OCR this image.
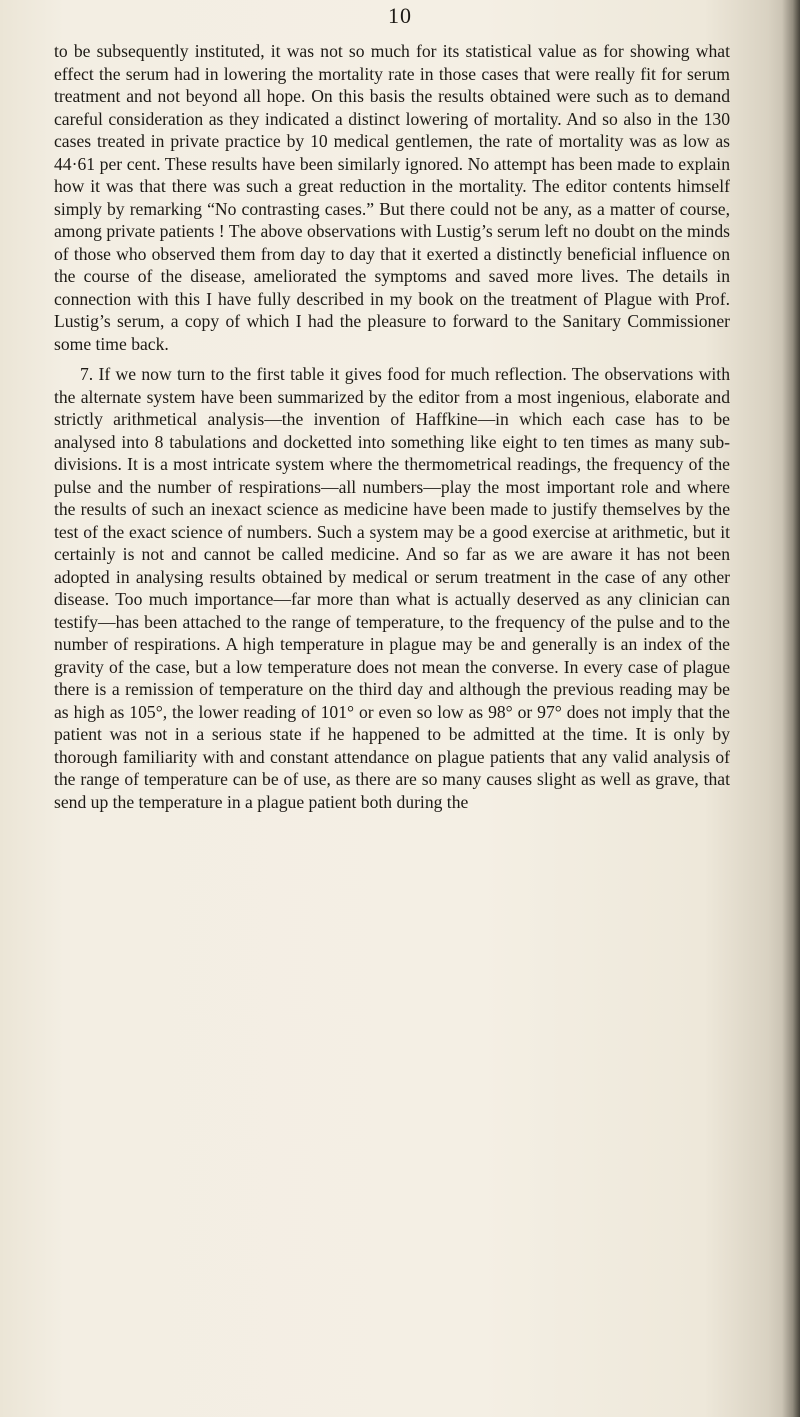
10

to be subsequently instituted, it was not so much for its statistical value as for showing what effect the serum had in lowering the mortality rate in those cases that were really fit for serum treatment and not beyond all hope. On this basis the results obtained were such as to demand careful consideration as they indicated a distinct lowering of mortality. And so also in the 130 cases treated in private practice by 10 medical gentlemen, the rate of mortality was as low as 44·61 per cent. These results have been similarly ignored. No attempt has been made to explain how it was that there was such a great reduction in the mortality. The editor contents himself simply by remarking “No contrasting cases.” But there could not be any, as a matter of course, among private patients ! The above observations with Lustig’s serum left no doubt on the minds of those who observed them from day to day that it exerted a distinctly beneficial influence on the course of the disease, ameliorated the symptoms and saved more lives. The details in connection with this I have fully described in my book on the treatment of Plague with Prof. Lustig’s serum, a copy of which I had the pleasure to forward to the Sanitary Commissioner some time back.

7. If we now turn to the first table it gives food for much reflection. The observations with the alternate system have been summarized by the editor from a most ingenious, elaborate and strictly arithmetical analysis—the invention of Haffkine—in which each case has to be analysed into 8 tabulations and docketted into something like eight to ten times as many sub-divisions. It is a most intricate system where the thermometrical readings, the frequency of the pulse and the number of respirations—all numbers—play the most important role and where the results of such an inexact science as medicine have been made to justify themselves by the test of the exact science of numbers. Such a system may be a good exercise at arithmetic, but it certainly is not and cannot be called medicine. And so far as we are aware it has not been adopted in analysing results obtained by medical or serum treatment in the case of any other disease. Too much importance—far more than what is actually deserved as any clinician can testify—has been attached to the range of temperature, to the frequency of the pulse and to the number of respirations. A high temperature in plague may be and generally is an index of the gravity of the case, but a low temperature does not mean the converse. In every case of plague there is a remission of temperature on the third day and although the previous reading may be as high as 105°, the lower reading of 101° or even so low as 98° or 97° does not imply that the patient was not in a serious state if he happened to be admitted at the time. It is only by thorough familiarity with and constant attendance on plague patients that any valid analysis of the range of temperature can be of use, as there are so many causes slight as well as grave, that send up the temperature in a plague patient both during the
